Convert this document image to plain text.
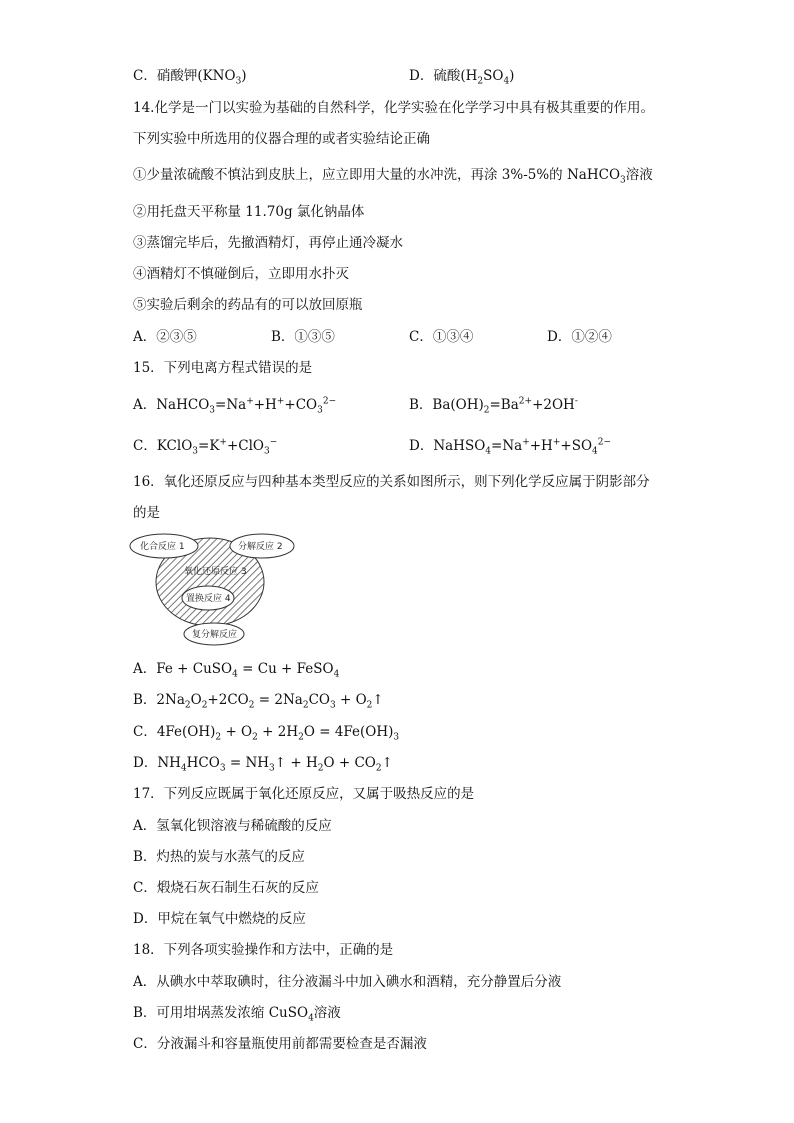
C．硝酸钾$(KNO_3)$	D．硫酸$(H_2SO_4)$
14.化学是一门以实验为基础的自然科学，化学实验在化学学习中具有极其重要的作用。
下列实验中所选用的仪器合理的或者实验结论正确
①少量浓硫酸不慎沾到皮肤上，应立即用大量的水冲洗，再涂 3%-5%的 NaHCO$_3$溶液
②用托盘天平称量 11.70g 氯化钠晶体
③蒸馏完毕后，先撤酒精灯，再停止通冷凝水
④酒精灯不慎碰倒后，立即用水扑灭
⑤实验后剩余的药品有的可以放回原瓶
A．②③⑤	B．①③⑤	C．①③④	D．①②④
15．下列电离方程式错误的是
A．$NaHCO_3=Na^++H^++CO_3^{2-}$	B．$Ba(OH)_2=Ba^{2+}+2OH^-$
C．KClO$_3$=K++ClO$_3$−	D．$NaHSO_4=Na^++H^++SO_4^{2-}$
16．氧化还原反应与四种基本类型反应的关系如图所示，则下列化学反应属于阴影部分
的是
化合反应 1	分解反应 2
氧化还原反应 3
置换反应 4
复分解反应
A．Fe + CuSO$_4$ = Cu + FeSO$_4$
B．$2Na_2O_2+2CO_2 = 2Na_2CO_3$ + $O_2↑$
C．$4Fe(OH)_2 + O_2 + 2H_2O = 4Fe(OH)_3$
D．$NH_4HCO_3$ = $NH_3↑ + H_2O$ + $CO_2↑$
17．下列反应既属于氧化还原反应，又属于吸热反应的是
A．氢氧化钡溶液与稀硫酸的反应
B．灼热的炭与水蒸气的反应
C．煅烧石灰石制生石灰的反应
D．甲烷在氧气中燃烧的反应
18．下列各项实验操作和方法中，正确的是
A．从碘水中萃取碘时，往分液漏斗中加入碘水和酒精，充分静置后分液
B．可用坩埚蒸发浓缩 CuSO$_4$溶液
C．分液漏斗和容量瓶使用前都需要检查是否漏液
